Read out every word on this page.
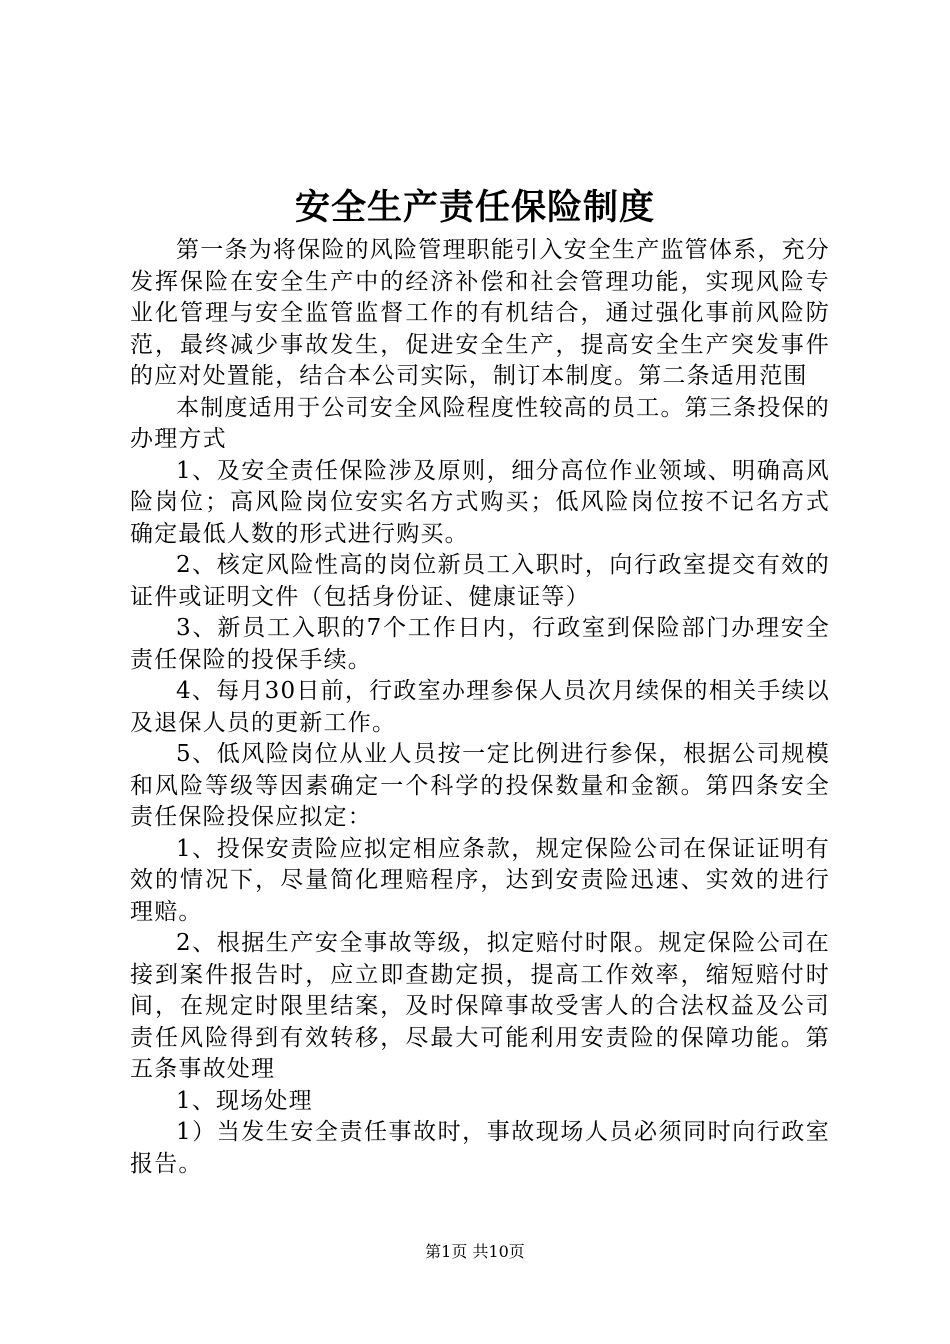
安全生产责任保险制度

第一条为将保险的风险管理职能引入安全生产监管体系，充分发挥保险在安全生产中的经济补偿和社会管理功能，实现风险专业化管理与安全监管监督工作的有机结合，通过强化事前风险防范，最终减少事故发生，促进安全生产，提高安全生产突发事件的应对处置能，结合本公司实际，制订本制度。第二条适用范围

本制度适用于公司安全风险程度性较高的员工。第三条投保的办理方式

1、及安全责任保险涉及原则，细分高位作业领域、明确高风险岗位；高风险岗位安实名方式购买；低风险岗位按不记名方式确定最低人数的形式进行购买。

2、核定风险性高的岗位新员工入职时，向行政室提交有效的证件或证明文件（包括身份证、健康证等）

3、新员工入职的7个工作日内，行政室到保险部门办理安全责任保险的投保手续。

4、每月30日前，行政室办理参保人员次月续保的相关手续以及退保人员的更新工作。

5、低风险岗位从业人员按一定比例进行参保，根据公司规模和风险等级等因素确定一个科学的投保数量和金额。第四条安全责任保险投保应拟定：

1、投保安责险应拟定相应条款，规定保险公司在保证证明有效的情况下，尽量简化理赔程序，达到安责险迅速、实效的进行理赔。

2、根据生产安全事故等级，拟定赔付时限。规定保险公司在接到案件报告时，应立即查勘定损，提高工作效率，缩短赔付时间，在规定时限里结案，及时保障事故受害人的合法权益及公司责任风险得到有效转移，尽最大可能利用安责险的保障功能。第五条事故处理

1、现场处理

1）当发生安全责任事故时，事故现场人员必须同时向行政室报告。

第1页 共10页
